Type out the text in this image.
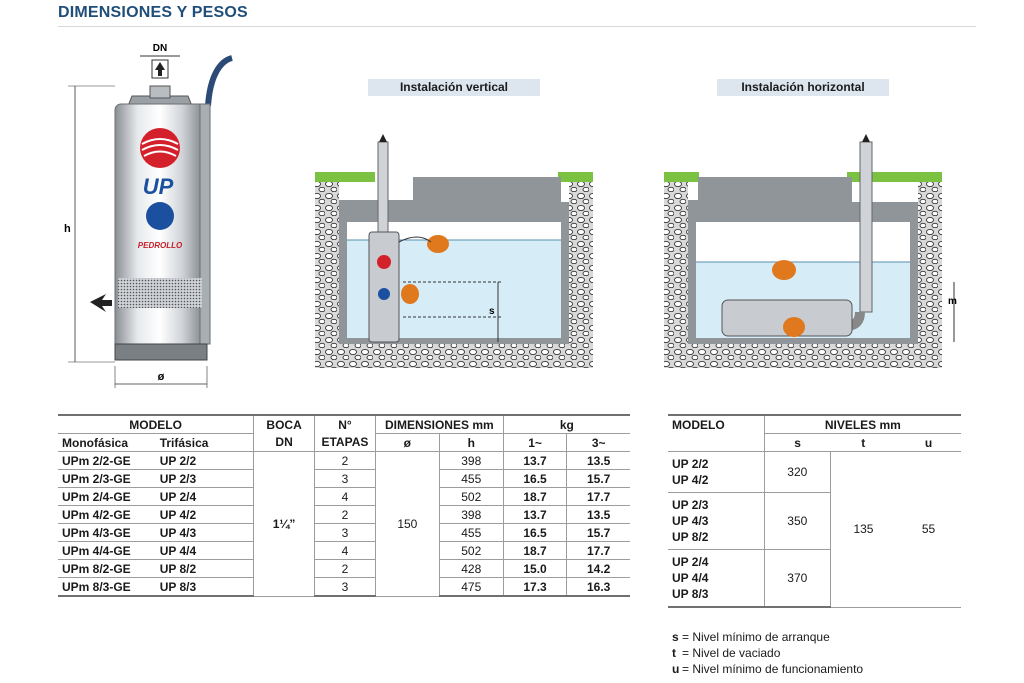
DIMENSIONES Y PESOS
DN
UP
PEDROLLO
h
ø
Instalación vertical
s
Instalación horizontal
m
MODELO		BOCA	N°	DIMENSIONES mm		kg	
Monofásica	Trifásica	DN	ETAPAS	ø	h	1~	3~
UPm 2/2-GE	UP 2/2	1¼”	2	150	398	13.7	13.5
UPm 2/3-GE	UP 2/3		3		455	16.5	15.7
UPm 2/4-GE	UP 2/4		4		502	18.7	17.7
UPm 4/2-GE	UP 4/2		2		398	13.7	13.5
UPm 4/3-GE	UP 4/3		3		455	16.5	15.7
UPm 4/4-GE	UP 4/4		4		502	18.7	17.7
UPm 8/2-GE	UP 8/2		2		428	15.0	14.2
UPm 8/3-GE	UP 8/3		3		475	17.3	16.3
MODELO	NIVELES mm		
	s	t	u

UP 2/2
UP 4/2	320	135	55

UP 2/3
UP 4/3
UP 8/2	350		

UP 2/4
UP 4/4
UP 8/3	370		
s = Nivel mínimo de arranque
t = Nivel de vaciado
u = Nivel mínimo de funcionamiento
